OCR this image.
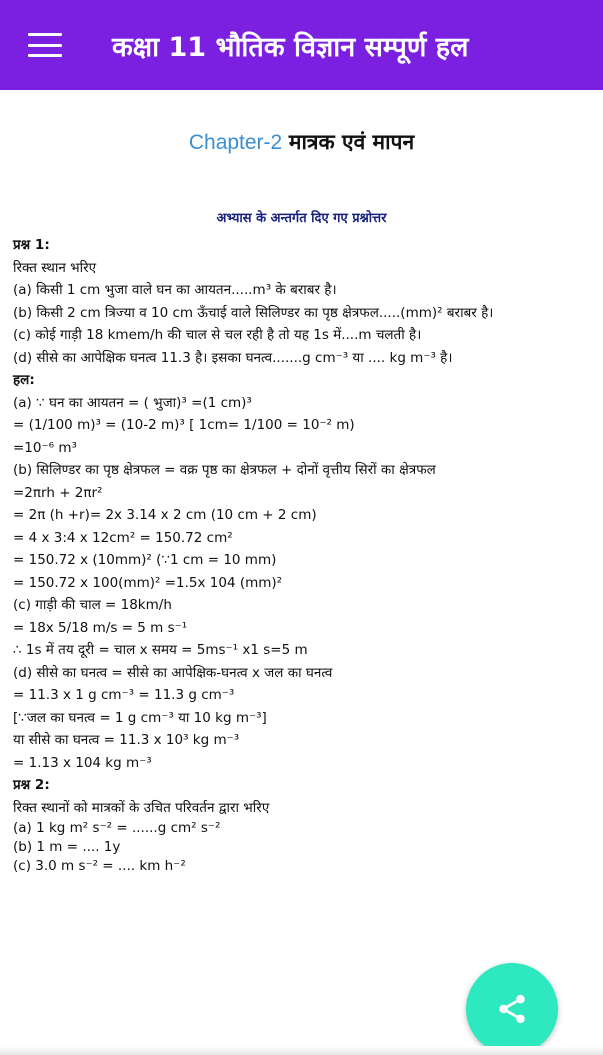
कक्षा 11 भौतिक विज्ञान सम्पूर्ण हल
Chapter-2 मात्रक एवं मापन
अभ्यास के अन्तर्गत दिए गए प्रश्नोत्तर
प्रश्न 1:
रिक्त स्थान भरिए
(a) किसी 1 cm भुजा वाले घन का आयतन.....m³ के बराबर है।
(b) किसी 2 cm त्रिज्या व 10 cm ऊँचाई वाले सिलिण्डर का पृष्ठ क्षेत्रफल.....(mm)² बराबर है।
(c) कोई गाड़ी 18 kmem/h की चाल से चल रही है तो यह 1s में....m चलती है।
(d) सीसे का आपेक्षिक घनत्व 11.3 है। इसका घनत्व.......g cm⁻³ या .... kg m⁻³ है।
हल:
(a) ∵ घन का आयतन = ( भुजा)³ =(1 cm)³
= (1/100 m)³ = (10-2 m)³ [ 1cm= 1/100 = 10⁻² m)
=10⁻⁶ m³
(b) सिलिण्डर का पृष्ठ क्षेत्रफल = वक्र पृष्ठ का क्षेत्रफल + दोनों वृत्तीय सिरों का क्षेत्रफल
=2πrh + 2πr²
= 2π (h +r)= 2x 3.14 x 2 cm (10 cm + 2 cm)
= 4 x 3:4 x 12cm² = 150.72 cm²
= 150.72 x (10mm)² (∵1 cm = 10 mm)
= 150.72 x 100(mm)² =1.5x 104 (mm)²
(c) गाड़ी की चाल = 18km/h
= 18x 5/18 m/s = 5 m s⁻¹
∴ 1s में तय दूरी = चाल x समय = 5ms⁻¹ x1 s=5 m
(d) सीसे का घनत्व = सीसे का आपेक्षिक-घनत्व x जल का घनत्व
= 11.3 x 1 g cm⁻³ = 11.3 g cm⁻³
[∵जल का घनत्व = 1 g cm⁻³ या 10 kg m⁻³]
या सीसे का घनत्व = 11.3 x 10³ kg m⁻³
= 1.13 x 104 kg m⁻³
प्रश्न 2:
रिक्त स्थानों को मात्रकों के उचित परिवर्तन द्वारा भरिए
(a) 1 kg m² s⁻² = ......g cm² s⁻²
(b) 1 m = .... 1y
(c) 3.0 m s⁻² = .... km h⁻²
